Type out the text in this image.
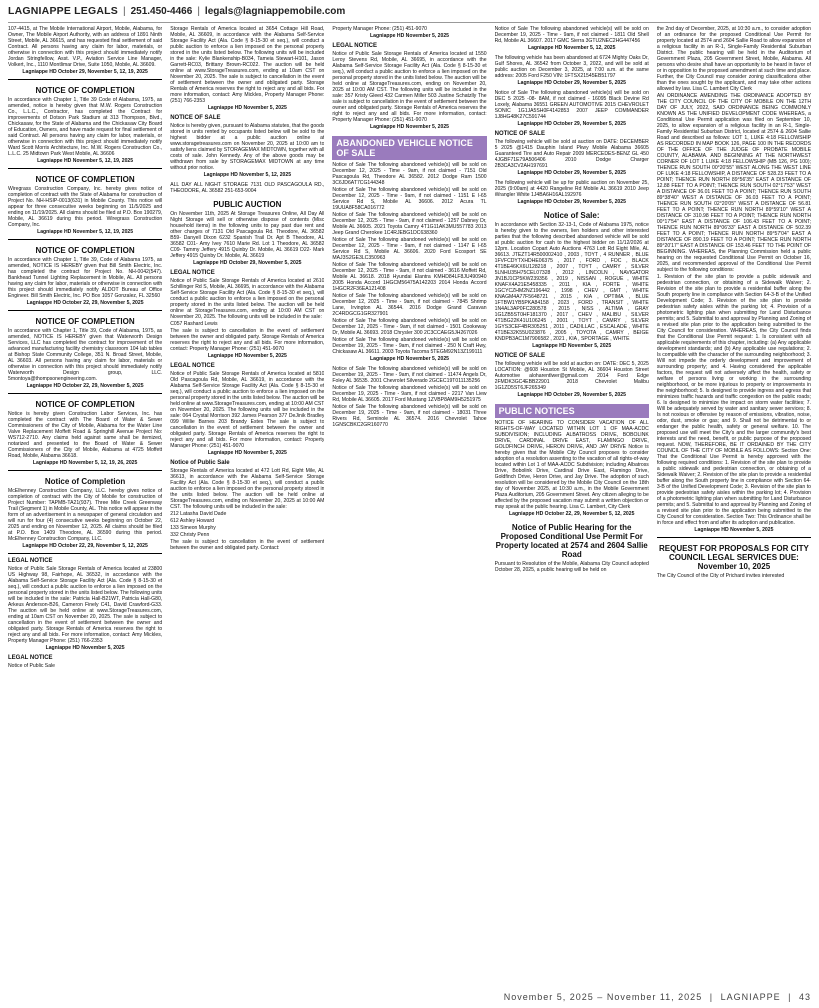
LAGNIAPPE LEGALS | 251.450-4466 | legals@lagniappemobile.com

107-4415, at The Mobile International Airport, Mobile, Alabama, for Owner, The Mobile Airport Authority, with an address of 1891 Ninth Street, Mobile, AL 36615, and has requested final settlement of said Contract. All persons having any claim for labor, materials, or otherwise in connection with this project should immediately notify Jordan Stringfellow, Asst. V.P., Aviation Service Line Manager, Volkert, Inc., 1110 Montlimar Drive, Suite 1050, Mobile, AL 36609.

Lagniappe HD October 29, November 5, 12, 19, 2025
NOTICE OF COMPLETION

In accordance with Chapter 1, Title 39 Code of Alabama, 1975, as amended, notice is hereby given that M.W. Rogers Construction Co., L.L.C., Contractor, has completed the Contract for improvements of Dotson Park Stadium at 313 Thompson, Blvd., Chickasaw, for the State of Alabama and the Chickasaw City Board of Education, Owners, and have made request for final settlement of said Contract. All persons having any claim for labor, materials, or otherwise in connection with this project should immediately notify Ward Scott Morris Architecture, Inc. M.W. Rogers Construction Co., L.L.C. 25 Midtown Park West Mobile, AL 36606

Lagniappe HD November 5, 12, 19, 2025
NOTICE OF COMPLETION

Wiregrass Construction Company, Inc. hereby gives notice of completion of contract with the State of Alabama for construction of Project No. NH-HSIP-0013(631) in Mobile County. This notice will appear for three consecutive weeks beginning on 11/5/2025 and ending on 11/19/2025. All claims should be filed at P.O. Box 190279, Mobile, AL 36619 during this period. Wiregrass Construction Company, Inc.

Lagniappe HD November 5, 12, 19, 2025
NOTICE OF COMPLETION

In accordance with Chapter 1, Title 39, Code of Alabama 1975, as amended, NOTICE IS HEREBY given that Bill Smith Electric, Inc. has completed the contract for Project No. NH-0042(547). Bankhead Tunnel Lighting Replacement in Mobile, AL. All persons having any claim for labor, materials or otherwise in connection with this project should immediately notify ALDOT Bureau of Office Engineer. Bill Smith Electric, Inc. PO Box 1057 Gonzalez, FL 32560

Lagniappe HD October 22, 29, November 5, 2025
NOTICE OF COMPLETION

In accordance with Chapter 1, Title 39, Code of Alabama, 1975, as amended, NOTICE IS HEREBY given that Waterworth Design Services, LLC has completed the contract for improvement of the advanced manufacturing facility chemistry classroom 104 lab tables at Bishop State Community College, 351 N. Broad Street, Mobile, AL 36603. All persons having any claim for labor, materials or otherwise in connection with this project should immediately notify Waterworth Design group, LLC. 5montoya@thompsonengineering.com.

Lagniappe HD October 22, 29, November 5, 2025
NOTICE OF COMPLETION

Notice is hereby given Construction Labor Services, Inc. has completed the contract with The Board of Water & Sewer Commissioners of the City of Mobile, Alabama for the Water Line Valve Replacement Moffett Road & Springhill Avenue Project No: WS712-2710. Any claims held against same shall be itemized, notarized and presented to the Board of Water & Sewer Commissioners of the City of Mobile, Alabama at 4725 Moffett Road, Mobile, Alabama 36618.

Lagniappe HD November 5, 12, 19, 26, 2025
Notice of Completion

McElhenney Construction Company, LLC. hereby gives notice of completion of contract with the City of Mobile for construction of Project Number: TAPMB-TA21(937). Three Mile Creek Greenway Trail (Segment 1) in Mobile County, AL. This notice will appear in the form of an advertisement in a newspaper of general circulation and will run for four (4) consecutive weeks beginning on October 22, 2025 and ending on November 12, 2025. All claims should be filed at P.O. Box 1409 Theodore, AL 36590 during this period. McElhenney Construction Company, LLC.

Lagniappe HD October 22, 29, November 5, 12, 2025
LEGAL NOTICE

Notice of Public Sale Storage Rentals of America located at 23800 US Highway 98, Fairhope, AL 36532, in accordance with the Alabama Self-Service Storage Facility Act (Ala. Code § 8-15-30 et seq.), will conduct a public auction to enforce a lien imposed on the personal property stored in the units listed below. The following units will be included in the sale: Patricia Hall-B21WT, Patricia Hall-G80, Arkeus Anderson-B26, Cameron Finely C41, David Crawford-G33. The auction will be held online at www.StorageTreasures.com, ending at 10am CST on November 20, 2025. The sale is subject to cancellation in the event of settlement between the owner and obligated party. Storage Rentals of America reserves the right to reject any and all bids. For more information, contact: Amy Mickles, Property Manager Phone: (251) 766-2353

Lagniappe HD November 5, 2025
LEGAL NOTICE

Notice of Public Sale

Storage Rentals of America located at 3654 Cottage Hill Road, Mobile, AL 36609, in accordance with the Alabama Self-Service Storage Facility Act (Ala. Code § 8-15-30 et seq.), will conduct a public auction to enforce a lien imposed on the personal property stored in the units listed below. The following units will be included in the sale: Kylie Blankenship-B034, Tameia Stewart-H101, Jason Garrett-RC03, Brittany Brown-RC022. The auction will be held online at www.StorageTreasures.com, ending at 10am CST on November 20, 2025. The sale is subject to cancellation in the event of settlement between the owner and obligated party. Storage Rentals of America reserves the right to reject any and all bids. For more information, contact: Amy Mickles, Property Manager Phone: (251) 766-2353

Lagniappe HD November 5, 2025
NOTICE OF SALE

Notice is hereby given, pursuant to Alabama statutes, that the goods stored in units rented by occupants listed below will be sold to the highest bidder at a public auction online at www.storagetreasures.com on November 20, 2025 at 10:00 am to satisfy liens claimed by STORAGEMAX MIDTOWN, together with all costs of sale. John Kennedy. Any of the above goods may be withdrawn from sale by STORAGEMAX MIDTOWN at any time without prior notice.

Lagniappe HD November 5, 12, 2025

ALL DAY ALL NIGHT STORAGE 7131 OLD PASCAGOULA RD., THEODORE, AL 36582 251-653-9004

PUBLIC AUCTION

On November 11th, 2025 At Storage Treasures Online, All Day All Night Storage will sell or otherwise dispose of contents (Misc household items) in the following units to pay past due rent and other charges of 7131 Old Pascagoula Rd. Theodore, AL 36582 B59- Danyell Dixon 6232 Spanish Trail Dr. Apt B Theodore, AL 36582 C01- Amy Ivey 7610 Marie Rd. Lot 1 Theodore, AL 36582 C09- Tammy Jeffery 4915 Quinby Dr. Mobile, AL 36619 D22- Mark Jeffery 4915 Quinby Dr. Mobile, AL 36619

Lagniappe HD October 29, November 5, 2025
LEGAL NOTICE

Notice of Public Sale Storage Rentals of America located at 2610 Schillinger Rd S, Mobile, AL 36695, in accordance with the Alabama Self-Service Storage Facility Act (Ala. Code § 8-15-30 et seq.), will conduct a public auction to enforce a lien imposed on the personal property stored in the units listed below. The auction will be held online at StorageTreasures.com, ending at 10:00 AM CST on November 20, 2025. The following units will be included in the sale:

C057 Rashard Lewis

The sale is subject to cancellation in the event of settlement between the owner and obligated party. Storage Rentals of America reserves the right to reject any and all bids. For more information, contact: Property Manager Phone: (251) 451-9070

Lagniappe HD November 5, 2025
LEGAL NOTICE

Notice of Public Sale Storage Rentals of America located at 5810 Old Pascagoula Rd, Mobile, AL 36619, in accordance with the Alabama Self-Service Storage Facility Act (Ala. Code § 8-15-30 et seq.), will conduct a public auction to enforce a lien imposed on the personal property stored in the units listed below. The auction will be held online at www.StorageTreasures.com, ending at 10:00 AM CST on November 20, 2025. The following units will be included in the sale: 064 Crystal Morrison 392 James Pearson 377 DeJinik Bradley 099 Willie Barnes 203 Brandy Estes The sale is subject to cancellation in the event of settlement between the owner and obligated party. Storage Rentals of America reserves the right to reject any and all bids. For more information, contact: Property Manager Phone: (251) 451-9070

Lagniappe HD November 5, 2025
Notice of Public Sale

Storage Rentals of America located at 472 Lott Rd, Eight Mile, AL 36613, in accordance with the Alabama Self-Service Storage Facility Act (Ala. Code § 8-15-30 et seq.), will conduct a public auction to enforce a lien imposed on the personal property stored in the units listed below. The auction will be held online at StorageTreasures.com, ending on November 20, 2025 at 10:00 AM CST. The following units will be included in the sale:

212 Latasha David Dade

612 Ashley Howard

133 Simeon Murphy

332 Christy Penn

The sale is subject to cancellation in the event of settlement between the owner and obligated party. Contact:

Property Manager Phone: (251) 451-9070

Lagniappe HD November 5, 2025
LEGAL NOTICE

Notice of Public Sale Storage Rentals of America located at 1550 Leroy Stevens Rd, Mobile, AL 36695, in accordance with the Alabama Self-Service Storage Facility Act (Ala. Code § 8-15-30 et seq.), will conduct a public auction to enforce a lien imposed on the personal property stored in the units listed below. The auction will be held online at StorageTreasures.com, ending on November 20, 2025 at 10:00 AM CST. The following units will be included in the sale: 357 Kristy Gleed 432 Carmen Miller 503 Justine Schatzlly The sale is subject to cancellation in the event of settlement between the owner and obligated party. Storage Rentals of America reserves the right to reject any and all bids. For more information, contact: Property Manager Phone: (251) 451-9070

Lagniappe HD November 5, 2025
ABANDONED VEHICLE NOTICE OF SALE

Notice of Sale The following abandoned vehicle(s) will be sold on December 12, 2025 - Time - 9am, if not claimed - 7151 Old Pascagoula Rd, Theodore AL 36582. 2012 Dodge Ram 1500 3C6JD6AT7CG144348

Notice of Sale The following abandoned vehicle(s) will be sold on December 12, 2025 - Time - 9am, if not claimed - 1151 E I-65 Service Rd S, Mobile AL 36606. 2012 Acura TL 19UUA8F58CA016772

Notice of Sale The following abandoned vehicle(s) will be sold on December 12, 2025 - Time - 9am, if not claimed - 1257 Dabney Dr, Mobile AL 36605. 2021 Toyota Camry 4T1G11AK3MU557783 2013 Jeep Grand Cherokee 1C4RJEBG1DC638360

Notice of Sale The following abandoned vehicle(s) will be sold on December 12, 2025 - Time - 9am, if not claimed - 1147 E I-65 Service Rd S, Mobile AL 36606. 2020 Ford Ecosport SE MAJ3S2GE3LC350963

Notice of Sale The following abandoned vehicle(s) will be sold on December 12, 2025 - Time - 9am, if not claimed - 3616 Moffett Rd, Mobile AL 36618. 2018 Hyundai Elantra KMHD84LF8JU490940 2005 Honda Accord 1HGCM56475A142203 2014 Honda Accord 1HGCR2F36EA121408

Notice of Sale The following abandoned vehicle(s) will be sold on December 12, 2025 - Time - 9am, if not claimed - 7845 Shrimp Lane, Irvington AL 36544. 2016 Dodge Grand Caravan 2C4RDGCG1GR327901

Notice of Sale The following abandoned vehicle(s) will be sold on December 12, 2025 - Time - 9am, if not claimed - 1501 Cookeway Dr, Mobile AL 36693. 2018 Chrysler 300 2C3CCAEG5JH267026

Notice of Sale The following abandoned vehicle(s) will be sold on December 19, 2025 - Time - 9am, if not claimed - 250 N Craft Hwy, Chickasaw AL 36611. 2003 Toyota Tacoma 5TEGM92N13Z199111

Lagniappe HD November 5, 2025

Notice of Sale The following abandoned vehicle(s) will be sold on December 19, 2025 - Time - 9am, if not claimed - 11474 Angels Dr, Foley AL 36535. 2001 Chevrolet Silverado 2GCEC19T011135256

Notice of Sale The following abandoned vehicle(s) will be sold on December 19, 2025 - Time - 9am, if not claimed - 2217 Van Liew Rd, Mobile AL 36605. 2017 Ford Mustang 1ZVBP8AM9H5251975

Notice of Sale The following abandoned vehicle(s) will be sold on December 19, 2025 - Time - 9am, if not claimed - 18031 Three Rivers Rd, Seminole AL 36574. 2016 Chevrolet Tahoe 1GNSCBKC2GR160770

Notice of Sale The following abandoned vehicle(s) will be sold on December 19, 2025 - Time - 9am, if not claimed - 1811 Old Shell Rd, Mobile AL 36607. 2017 GMC Sierra 3GTU2NEC2HG447456

Lagniappe HD November 5, 12, 2025

The following vehicle has been abandoned at 6724 Mighty Oaks Dr, Gulf Shores, AL 36542 from October 3, 2022, and will be sold at public auction on December 3, 2025, at 7:00 a.m. at the same address: 2005 Ford F250 VIN: 1FTSX21545EB51797

Lagniappe HD October 29, November 5, 2025

Notice of Sale The following abandoned vehicle(s) will be sold on DEC 5 2025 -08- 8AM, if not claimed - 16095 Black Devine Rd Loxely, Alabama 36551 GREEN AUTOMOTIVE 2015 CHEVROLET SONIC 1G1JA5SH0F4142853 2007 JEEP COMMANDER 1J8HG48K27C591744

Lagniappe HD October 29, November 5, 2025
NOTICE OF SALE

The following vehicle will be sold at auction on DATE: DECEMBER 5 2025 @1415 Dauphin Island Pkwy Mobile Alabama 36605 Guaranteed Tire and Auto Repair 2009 MERCEDES-BENZ GL 450 4JGBF71E79A506406 2010 Dodge Charger 2B3CA3CV2AH197691

Lagniappe HD October 29, November 5, 2025

The following vehicle will be up for public auction on November 25, 2025 (9:00am) at 4420 Rangeline Rd Mobile AL 36619 2010 Jeep Wrangler White 1J4BA6H16AL192976

Lagniappe HD October 29, November 5, 2025
Notice of Sale:

In accordance with Section 32-13-1, Code of Alabama 1975, notice is hereby given to the owners, lien holders and other interested parties that the following described abandoned vehicle will be sold at public auction for cash to the highest bidder on 11/12/2026 at 12pm. Location Copart Auto Auctions 4763 Lott Rd Eight Mile, AL 36613. JTEZT14R500002410 , 2003 , TOYT , 4 RUNNER , BLUE 1FVFCDYTXHDHE06375 , 2017 , FORD , FOC , BLACK 4T1BE46KX6U128218 , 2007 , TOYT , CAMRY , SILVER 5LNHU35H75CEL07328 , 2012 , LINCOLN , NAVIGATOR JN1BJ1CP5KW239356 , 2019 , NISSAN , ROGUE , WHITE KNAFX4A21E5458335 , 2011 , KIA , FORTE , WHITE 1GCYCZHM2NZ196442 , 1998 , CHEV , GMT , WHITE KNAGM4A77F5648721 , 2015 , KIA , OPTIMA , BLUE 1FTBW1YB5PKA84158 , 2023 , FORD , TRANSIT , WHITE 1N4AL3AP0FC280578 , 2015 , NISS , ALTIMA , GRAY 1G1ZB5ST0HF181370 , 2017 , CHEV , MALIBU , SILVER 4T1BG22K41U106245 , 2001 , TOYT , CAMRY , SILVER 1GYS3CEF4BR305251 , 2011 , CADILLAC , ESCALADE , WHITE 4T1BE32K55U023876 , 2005 , TOYOTA , CAMRY , BEIGE KNDPB3AC1M7906582 , 2021 , KIA , SPORTAGE , WHITE

Lagniappe HD November 5, 2025
NOTICE OF SALE

The following vehicle will be sold at auction on: DATE: DEC 5, 2025 LOCATION: @608 Houston St Mobile, AL 36604 Houston Street Automotive aloharentlwer@gmail.com 2014 Ford Edge 2FMDK3GC4EBB22901 2018 Chevrolet Malibu 1G1ZD5ST6JF265349

Lagniappe HD October 29, November 5, 2025
PUBLIC NOTICES

NOTICE OF HEARING TO CONSIDER VACATION OF ALL RIGHTS-OF-WAY LOCATED WITHIN LOT 1 OF MAA-ACDC SUBDIVISION; INCLUDING ALBATROSS DRIVE, BOBOLINK DRIVE, CARDINAL DRIVE EAST, FLAMINGO DRIVE, GOLDFINCH DRIVE, HERON DRIVE, AND JAY DRIVE Notice is hereby given that the Mobile City Council proposes to consider adoption of a resolution assenting to the vacation of all rights-of-way located within Lot 1 of MAA-ACDC Subdivision; including Albatross Drive, Bobolink Drive, Cardinal Drive East, Flamingo Drive, Goldfinch Drive, Heron Drive, and Jay Drive. The adoption of such resolution will be considered by the Mobile City Council on the 18th day of November 2025, at 10:30 a.m., in the Mobile Government Plaza Auditorium, 205 Government Street. Any citizen alleging to be affected by the proposed vacation may submit a written objection or may speak at the public hearing. Lisa C. Lambert, City Clerk

Lagniappe HD October 22, 29, November 5, 12, 2025
Notice of Public Hearing for the Proposed Conditional Use Permit For Property located at 2574 and 2604 Sallie Road

Pursuant to Resolution of the Mobile, Alabama City Council adopted October 28, 2025, a public hearing will be held on

the 2nd day of December, 2025, at 10:30 a.m., to consider adoption of an ordinance for the proposed Conditional Use Permit for property located at 2574 and 2604 Sallie Road to allow expansion of a religious facility in an R-1, Single-Family Residential Suburban District. The public hearing will be held in the Auditorium of Government Plaza, 205 Government Street, Mobile, Alabama. All persons who desire shall have an opportunity to be heard in favor of or in opposition to the proposed amendment at such time and place. Further, the City Council may consider zoning classifications other than the ones sought by the applicant, and may take other actions allowed by law. Lisa C. Lambert City Clerk

AN ORDINANCE AMENDING THE ORDINANCE ADOPTED BY THE CITY COUNCIL OF THE CITY OF MOBILE ON THE 12TH DAY OF JULY, 2022, SAID ORDINANCE BEING COMMONLY KNOWN AS THE UNIFIED DEVELOPMENT CODE WHEREAS, a Conditional Use Permit application was filed on September 10, 2025, to allow expansion of a religious facility in an R-1, Single-Family Residential Suburban District, located at 2574 & 2604 Sallie Road and described as follows: LOT 1, LUKE 4:18 FELLOWSHIP AS RECORDED IN MAP BOOK 126, PAGE 100 IN THE RECORDS OF THE OFFICE OF THE JUDGE OF PROBATE MOBILE COUNTY, ALABAMA. AND BEGINNING AT THE NORTHWEST CORNER OF LOT 1 LUKE 4:18 FELLOWSHIP (MB 126, PG 100); THENCE RUN SOUTH 00°20'55" WEST ALONG THE WEST LINE OF LUKE 4:18 FELLOWSHIP, A DISTANCE OF 528.23 FEET TO A POINT; THENCE RUN NORTH 89°56'35" EAST A DISTANCE OF 12.88 FEET TO A POINT; THENCE RUN SOUTH 02°17'53" WEST A DISTANCE OF 36.01 FEET TO A POINT; THENCE RUN SOUTH 89°38'40" WEST A DISTANCE OF 36.03 FEET TO A POINT; THENCE RUN SOUTH 02°20'05" WEST A DISTANCE OF 56.81 FEET TO A POINT; THENCE RUN NORTH 89°59'10" WEST A DISTANCE OF 310.98 FEET TO A POINT; THENCE RUN NORTH 00°17'54" EAST A DISTANCE OF 106.43 FEET TO A POINT; THENCE RUN NORTH 89°06'33" EAST A DISTANCE OF 502.39 FEET TO A POINT; THENCE RUN NORTH 89°57'04" EAST A DISTANCE OF 890.19 FEET TO A POINT; THENCE RUN NORTH 89°20'17" EAST A DISTANCE OF 153.46 FEET TO THE POINT OF BEGINNING. WHEREAS, the Planning Commission held a public hearing on the requested Conditional Use Permit on October 16, 2025, and recommended approval of the Conditional Use Permit subject to the following conditions:

1. Revision of the site plan to provide a public sidewalk and pedestrian connection, or obtaining of a Sidewalk Waiver; 2. Revision of the site plan to provide a residential buffer along the South property line in compliance with Section 64-3-B of the Unified Development Code; 3. Revision of the site plan to provide pedestrian safety aisles within the parking lot; 4. Provision of a photometric lighting plan when submitting for Land Disturbance permits; and 5. Submittal to and approval by Planning and Zoning of a revised site plan prior to the application being submitted to the City Council for consideration. WHEREAS, the City Council finds that the Conditional Use Permit request: 1. Is consistent with all applicable requirements of this chapter, including: (a) Any applicable development standards; and (b) Any applicable use regulations; 2. Is compatible with the character of the surrounding neighborhood; 3. Will not impede the orderly development and improvement of surrounding property; and 4. Having considered the applicable factors, the request will not adversely affect the health, safety or welfare of persons living or working in the surrounding neighborhood, or be more injurious to property or improvements in the neighborhood; 5. Is designed to provide ingress and egress that minimizes traffic hazards and traffic congestion on the public roads; 6. Is designed to minimize the impact on storm water facilities; 7. Will be adequately served by water and sanitary sewer services; 8. Is not noxious or offensive by reason of emissions, vibration, noise, odor, dust, smoke or gas; and 9. Shall not be detrimental to or endanger the public health, safety or general welfare. 10. The proposed use will meet the City's and the larger community's best interests and the need, benefit, or public purpose of the proposed request. NOW, THEREFORE, BE IT ORDAINED BY THE CITY COUNCIL OF THE CITY OF MOBILE AS FOLLOWS: Section One: That the Conditional Use Permit is hereby approved with the following required conditions: 1. Revision of the site plan to provide a public sidewalk and pedestrian connection, or obtaining of a Sidewalk Waiver; 2. Revision of the site plan to provide a residential buffer along the South property line in compliance with Section 64-3-B of the Unified Development Code; 3. Revision of the site plan to provide pedestrian safety aisles within the parking lot; 4. Provision of a photometric lighting plan when submitting for Land Disturbance permits; and 5. Submittal to and approval by Planning and Zoning of a revised site plan prior to the application being submitted to the City Council for consideration. Section Two: This Ordinance shall be in force and effect from and after its adoption and publication.

Lagniappe HD November 5, 2025
REQUEST FOR PROPOSALS FOR CITY COUNCIL LEGAL SERVICES DUE: November 10, 2025

The City Council of the City of Prichard invites interested

November 5, 2025 – November 11, 2025 | LAGNIAPPE | 43
